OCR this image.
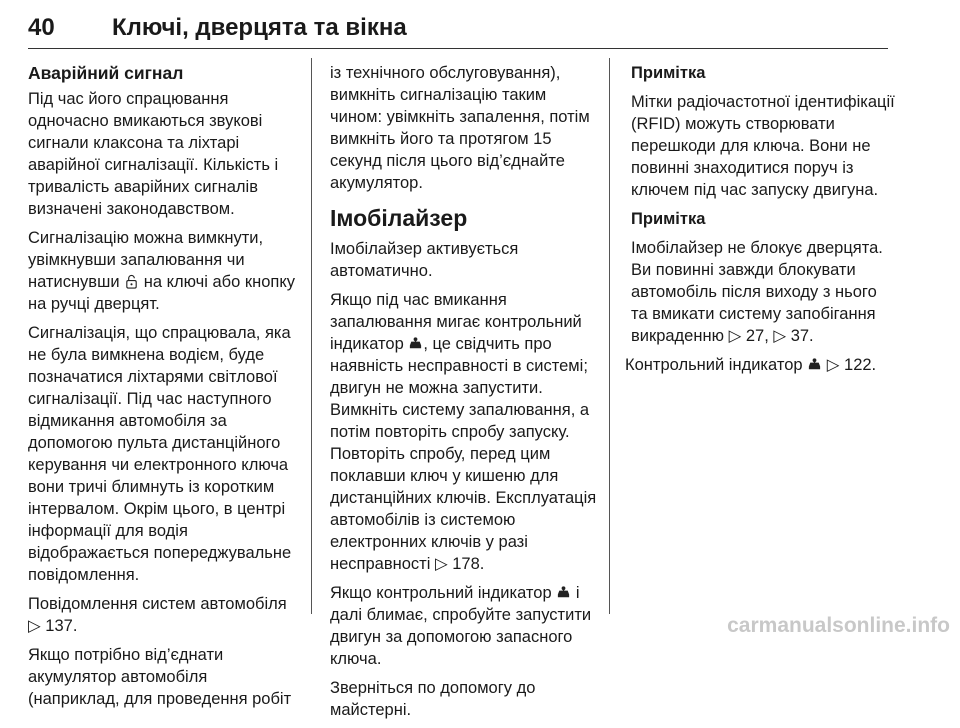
40 Ключі, дверцята та вікна
Аварійний сигнал

Під час його спрацювання одночасно вмикаються звукові сигнали клаксона та ліхтарі аварійної сигналізації. Кількість і тривалість аварійних сигналів визначені законодавством.

Сигналізацію можна вимкнути, увімкнувши запалювання чи натиснувши на ключі або кнопку на ручці дверцят.

Сигналізація, що спрацювала, яка не була вимкнена водієм, буде позначатися ліхтарями світлової сигналізації. Під час наступного відмикання автомобіля за допомогою пульта дистанційного керування чи електронного ключа вони тричі блимнуть із коротким інтервалом. Окрім цього, в центрі інформації для водія відображається попереджувальне повідомлення.

Повідомлення систем автомобіля
▷ 137.

Якщо потрібно від’єднати акумулятор автомобіля (наприклад, для проведення робіт

із технічного обслуговування), вимкніть сигналізацію таким чином: увімкніть запалення, потім вимкніть його та протягом 15 секунд після цього від’єднайте акумулятор.

Імобілайзер

Імобілайзер активується автоматично.

Якщо під час вмикання запалювання мигає контрольний індикатор , це свідчить про наявність несправності в системі; двигун не можна запустити. Вимкніть систему запалювання, а потім повторіть спробу запуску. Повторіть спробу, перед цим поклавши ключ у кишеню для дистанційних ключів. Експлуатація автомобілів із системою електронних ключів у разі несправності ▷ 178.

Якщо контрольний індикатор і далі блимає, спробуйте запустити двигун за допомогою запасного ключа.

Зверніться по допомогу до майстерні.

Примітка

Мітки радіочастотної ідентифікації (RFID) можуть створювати перешкоди для ключа. Вони не повинні знаходитися поруч із ключем під час запуску двигуна.

Примітка

Імобілайзер не блокує дверцята. Ви повинні завжди блокувати автомобіль після виходу з нього та вмикати систему запобігання викраденню ▷ 27, ▷ 37.

Контрольний індикатор ▷ 122.

carmanualsonline.info
